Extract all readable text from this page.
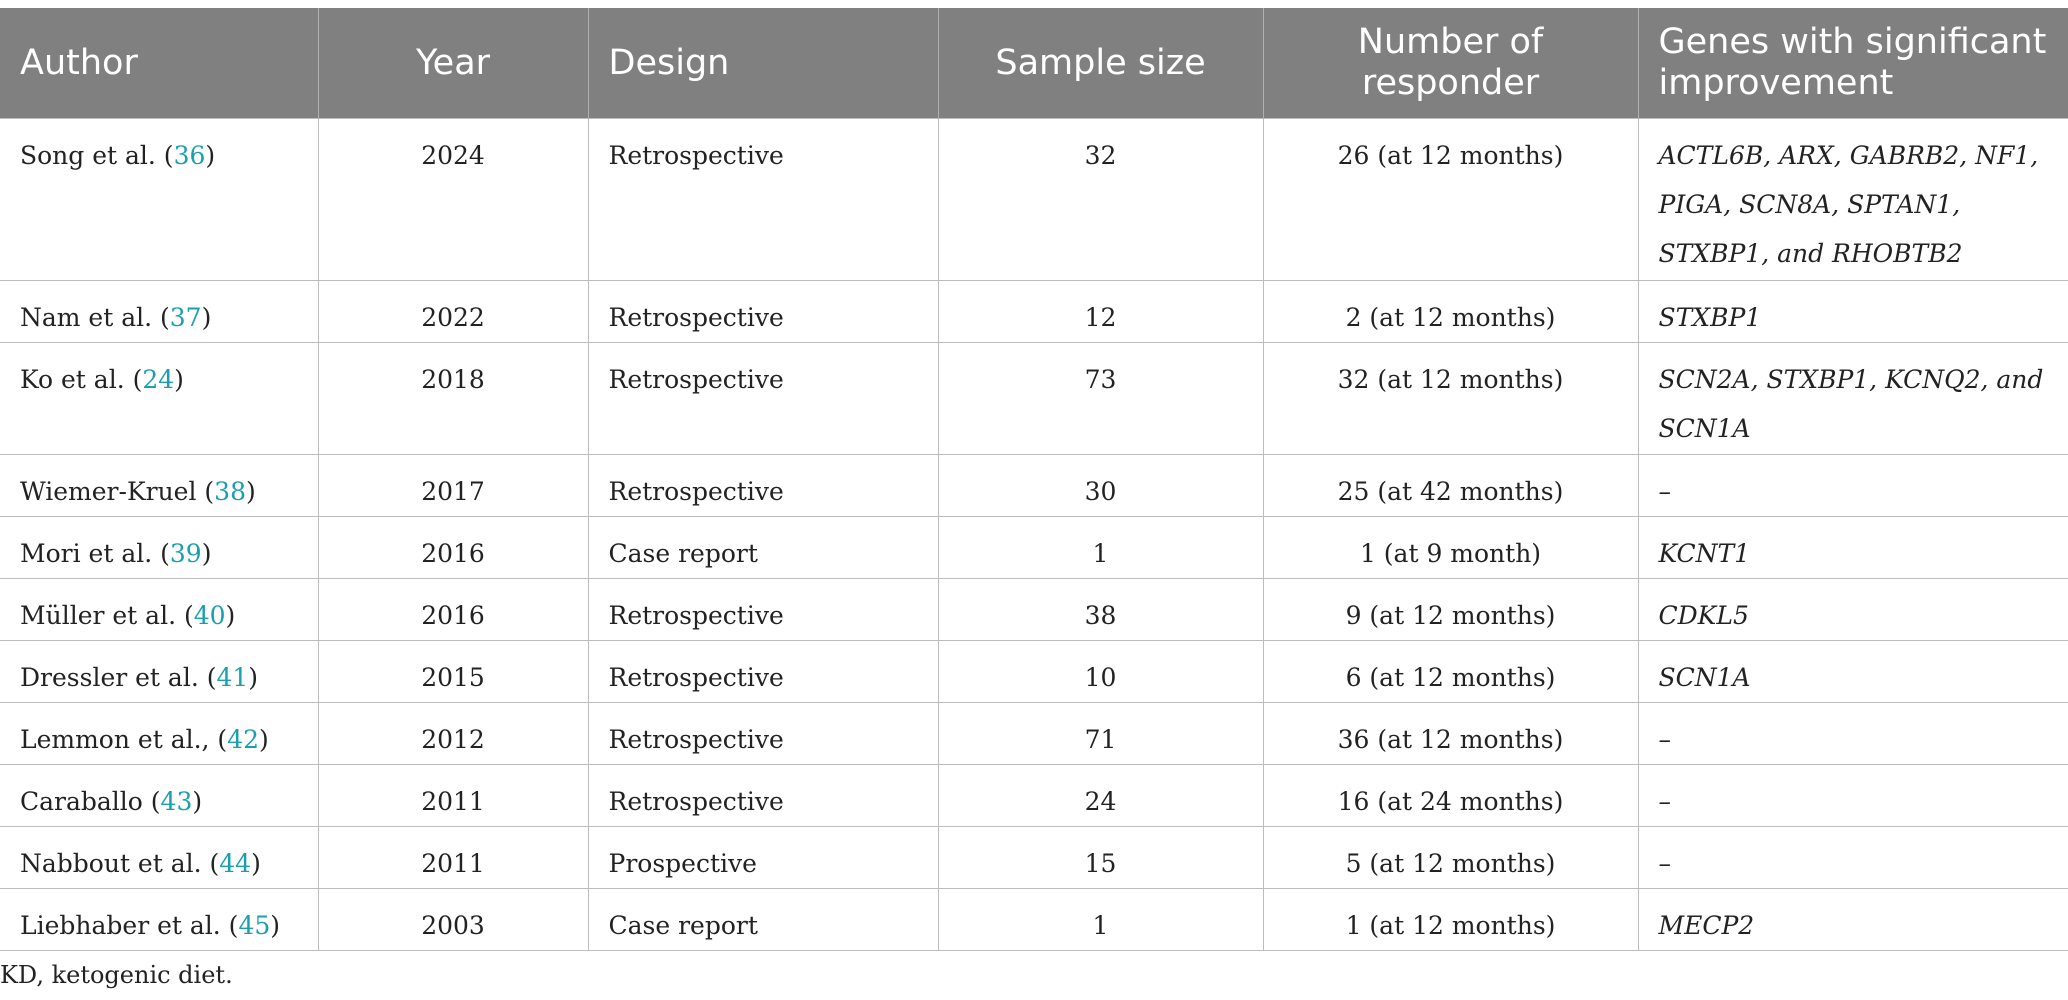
Author	Year	Design	Sample size	Number of responder	Genes with significant improvement
Song et al. (36)	2024	Retrospective	32	26 (at 12 months)	ACTL6B, ARX, GABRB2, NF1, PIGA, SCN8A, SPTAN1, STXBP1, and RHOBTB2
Nam et al. (37)	2022	Retrospective	12	2 (at 12 months)	STXBP1
Ko et al. (24)	2018	Retrospective	73	32 (at 12 months)	SCN2A, STXBP1, KCNQ2, and SCN1A
Wiemer-Kruel (38)	2017	Retrospective	30	25 (at 42 months)	–
Mori et al. (39)	2016	Case report	1	1 (at 9 month)	KCNT1
Müller et al. (40)	2016	Retrospective	38	9 (at 12 months)	CDKL5
Dressler et al. (41)	2015	Retrospective	10	6 (at 12 months)	SCN1A
Lemmon et al., (42)	2012	Retrospective	71	36 (at 12 months)	–
Caraballo (43)	2011	Retrospective	24	16 (at 24 months)	–
Nabbout et al. (44)	2011	Prospective	15	5 (at 12 months)	–
Liebhaber et al. (45)	2003	Case report	1	1 (at 12 months)	MECP2
KD, ketogenic diet.
